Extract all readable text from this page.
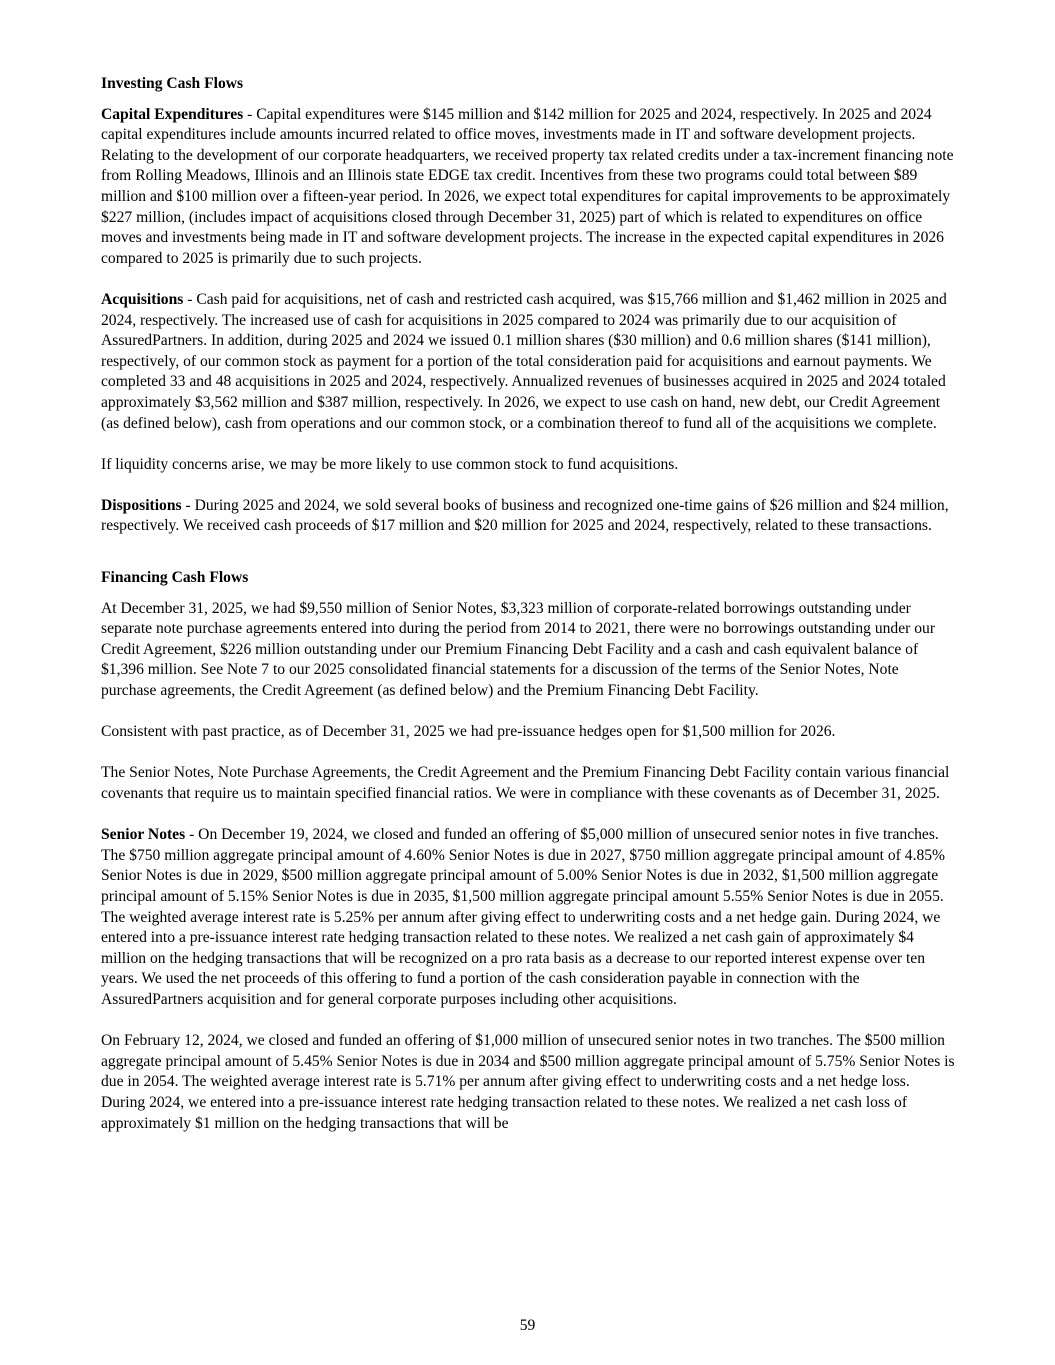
Investing Cash Flows

Capital Expenditures - Capital expenditures were $145 million and $142 million for 2025 and 2024, respectively. In 2025 and 2024 capital expenditures include amounts incurred related to office moves, investments made in IT and software development projects. Relating to the development of our corporate headquarters, we received property tax related credits under a tax-increment financing note from Rolling Meadows, Illinois and an Illinois state EDGE tax credit. Incentives from these two programs could total between $89 million and $100 million over a fifteen-year period. In 2026, we expect total expenditures for capital improvements to be approximately $227 million, (includes impact of acquisitions closed through December 31, 2025) part of which is related to expenditures on office moves and investments being made in IT and software development projects. The increase in the expected capital expenditures in 2026 compared to 2025 is primarily due to such projects.

Acquisitions - Cash paid for acquisitions, net of cash and restricted cash acquired, was $15,766 million and $1,462 million in 2025 and 2024, respectively. The increased use of cash for acquisitions in 2025 compared to 2024 was primarily due to our acquisition of AssuredPartners. In addition, during 2025 and 2024 we issued 0.1 million shares ($30 million) and 0.6 million shares ($141 million), respectively, of our common stock as payment for a portion of the total consideration paid for acquisitions and earnout payments. We completed 33 and 48 acquisitions in 2025 and 2024, respectively. Annualized revenues of businesses acquired in 2025 and 2024 totaled approximately $3,562 million and $387 million, respectively. In 2026, we expect to use cash on hand, new debt, our Credit Agreement (as defined below), cash from operations and our common stock, or a combination thereof to fund all of the acquisitions we complete.

If liquidity concerns arise, we may be more likely to use common stock to fund acquisitions.

Dispositions - During 2025 and 2024, we sold several books of business and recognized one-time gains of $26 million and $24 million, respectively. We received cash proceeds of $17 million and $20 million for 2025 and 2024, respectively, related to these transactions.

Financing Cash Flows

At December 31, 2025, we had $9,550 million of Senior Notes, $3,323 million of corporate-related borrowings outstanding under separate note purchase agreements entered into during the period from 2014 to 2021, there were no borrowings outstanding under our Credit Agreement, $226 million outstanding under our Premium Financing Debt Facility and a cash and cash equivalent balance of $1,396 million. See Note 7 to our 2025 consolidated financial statements for a discussion of the terms of the Senior Notes, Note purchase agreements, the Credit Agreement (as defined below) and the Premium Financing Debt Facility.

Consistent with past practice, as of December 31, 2025 we had pre-issuance hedges open for $1,500 million for 2026.

The Senior Notes, Note Purchase Agreements, the Credit Agreement and the Premium Financing Debt Facility contain various financial covenants that require us to maintain specified financial ratios. We were in compliance with these covenants as of December 31, 2025.

Senior Notes - On December 19, 2024, we closed and funded an offering of $5,000 million of unsecured senior notes in five tranches. The $750 million aggregate principal amount of 4.60% Senior Notes is due in 2027, $750 million aggregate principal amount of 4.85% Senior Notes is due in 2029, $500 million aggregate principal amount of 5.00% Senior Notes is due in 2032, $1,500 million aggregate principal amount of 5.15% Senior Notes is due in 2035, $1,500 million aggregate principal amount 5.55% Senior Notes is due in 2055. The weighted average interest rate is 5.25% per annum after giving effect to underwriting costs and a net hedge gain. During 2024, we entered into a pre-issuance interest rate hedging transaction related to these notes. We realized a net cash gain of approximately $4 million on the hedging transactions that will be recognized on a pro rata basis as a decrease to our reported interest expense over ten years. We used the net proceeds of this offering to fund a portion of the cash consideration payable in connection with the AssuredPartners acquisition and for general corporate purposes including other acquisitions.

On February 12, 2024, we closed and funded an offering of $1,000 million of unsecured senior notes in two tranches. The $500 million aggregate principal amount of 5.45% Senior Notes is due in 2034 and $500 million aggregate principal amount of 5.75% Senior Notes is due in 2054. The weighted average interest rate is 5.71% per annum after giving effect to underwriting costs and a net hedge loss. During 2024, we entered into a pre-issuance interest rate hedging transaction related to these notes. We realized a net cash loss of approximately $1 million on the hedging transactions that will be

59
